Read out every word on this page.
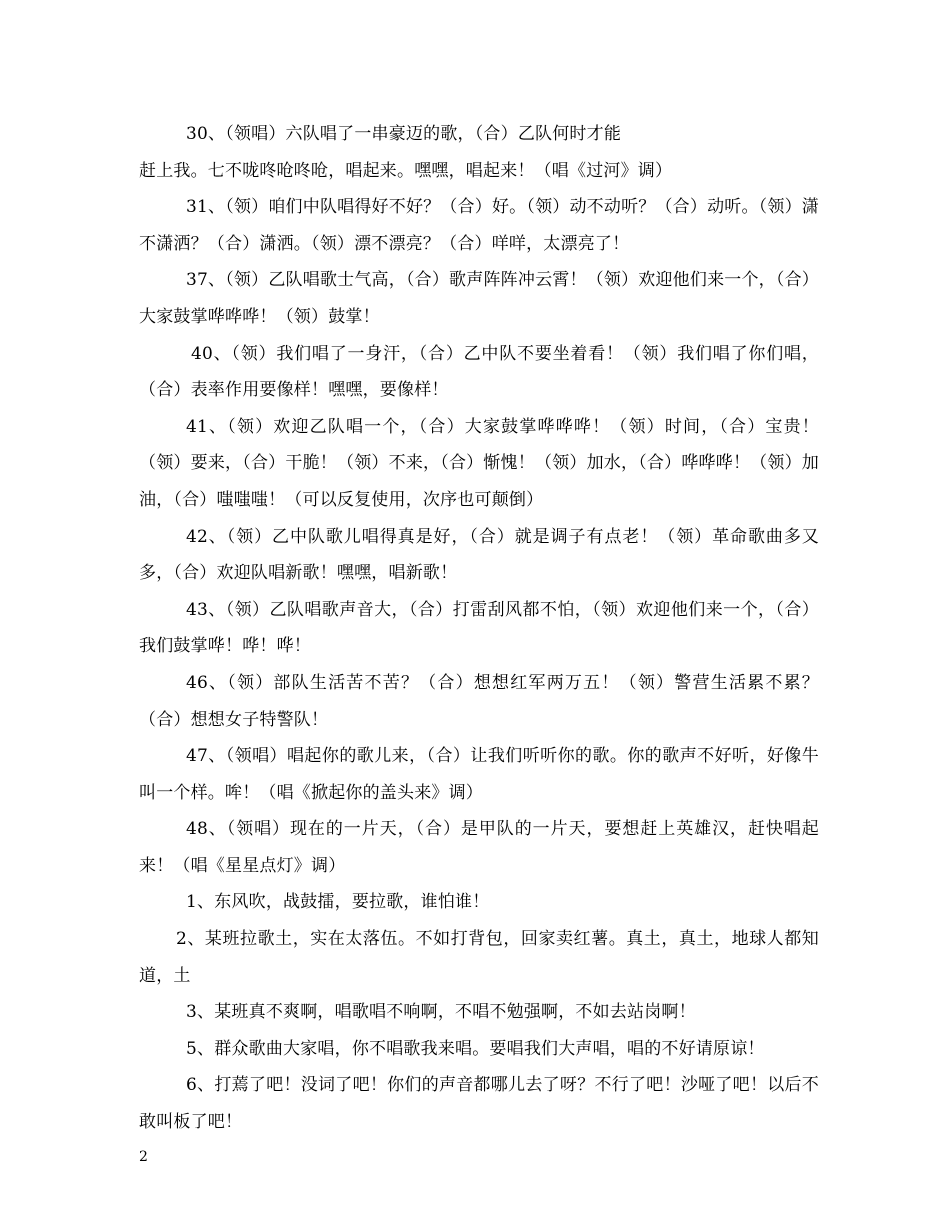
30、（领唱）六队唱了一串豪迈的歌，（合）乙队何时才能
赶上我。七不咙咚呛咚呛，唱起来。嘿嘿，唱起来！（唱《过河》调）

31、（领）咱们中队唱得好不好？（合）好。（领）动不动听？（合）动听。（领）潇不潇洒？（合）潇洒。（领）漂不漂亮？（合）咩咩，太漂亮了！

37、（领）乙队唱歌士气高，（合）歌声阵阵冲云霄！（领）欢迎他们来一个，（合）大家鼓掌哗哗哗！（领）鼓掌！

40、（领）我们唱了一身汗，（合）乙中队不要坐着看！（领）我们唱了你们唱，（合）表率作用要像样！嘿嘿，要像样！

41、（领）欢迎乙队唱一个，（合）大家鼓掌哗哗哗！（领）时间，（合）宝贵！（领）要来，（合）干脆！（领）不来，（合）惭愧！（领）加水，（合）哗哗哗！（领）加油，（合）嗤嗤嗤！（可以反复使用，次序也可颠倒）

42、（领）乙中队歌儿唱得真是好，（合）就是调子有点老！（领）革命歌曲多又多，（合）欢迎队唱新歌！嘿嘿，唱新歌！

43、（领）乙队唱歌声音大，（合）打雷刮风都不怕，（领）欢迎他们来一个，（合）我们鼓掌哗！哗！哗！

46、（领）部队生活苦不苦？（合）想想红军两万五！（领）警营生活累不累？（合）想想女子特警队！

47、（领唱）唱起你的歌儿来，（合）让我们听听你的歌。你的歌声不好听，好像牛叫一个样。哞！（唱《掀起你的盖头来》调）

48、（领唱）现在的一片天，（合）是甲队的一片天，要想赶上英雄汉，赶快唱起来！（唱《星星点灯》调）

1、东风吹，战鼓擂，要拉歌，谁怕谁！

2、某班拉歌土，实在太落伍。不如打背包，回家卖红薯。真土，真土，地球人都知道，土

3、某班真不爽啊，唱歌唱不响啊，不唱不勉强啊，不如去站岗啊！

5、群众歌曲大家唱，你不唱歌我来唱。要唱我们大声唱，唱的不好请原谅！

6、打蔫了吧！没词了吧！你们的声音都哪儿去了呀？不行了吧！沙哑了吧！以后不敢叫板了吧！

2
